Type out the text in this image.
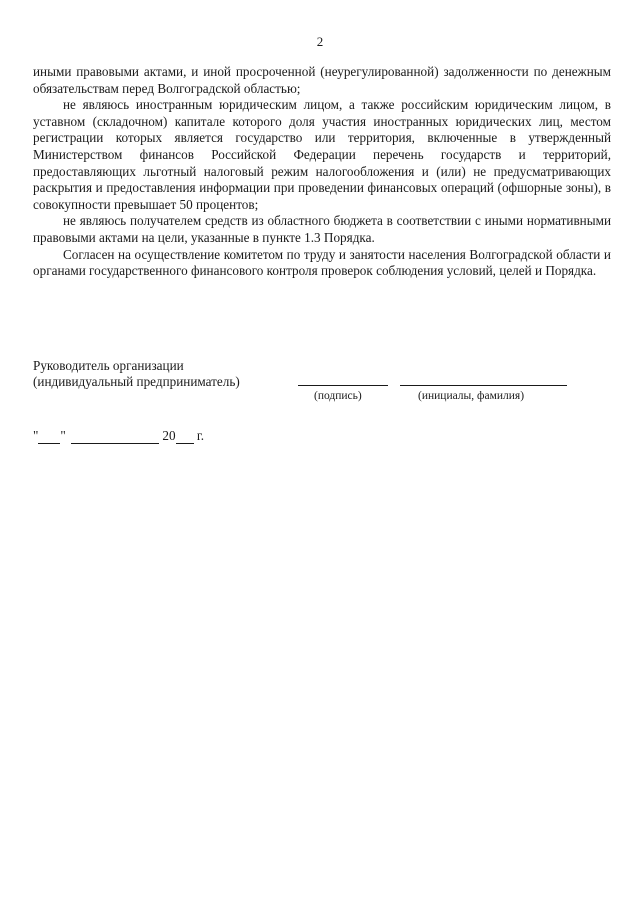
2

иными правовыми актами, и иной просроченной (неурегулированной) задолженности по денежным обязательствам перед Волгоградской областью;

не являюсь иностранным юридическим лицом, а также российским юридическим лицом, в уставном (складочном) капитале которого доля участия иностранных юридических лиц, местом регистрации которых является государство или территория, включенные в утвержденный Министерством финансов Российской Федерации перечень государств и территорий, предоставляющих льготный налоговый режим налогообложения и (или) не предусматривающих раскрытия и предоставления информации при проведении финансовых операций (офшорные зоны), в совокупности превышает 50 процентов;

не являюсь получателем средств из областного бюджета в соответствии с иными нормативными правовыми актами на цели, указанные в пункте 1.3 Порядка.

Согласен на осуществление комитетом по труду и занятости населения Волгоградской области и органами государственного финансового контроля проверок соблюдения условий, целей и Порядка.

Руководитель организации
(индивидуальный предприниматель)
(подпись)	(инициалы, фамилия)
" "	20 г.
